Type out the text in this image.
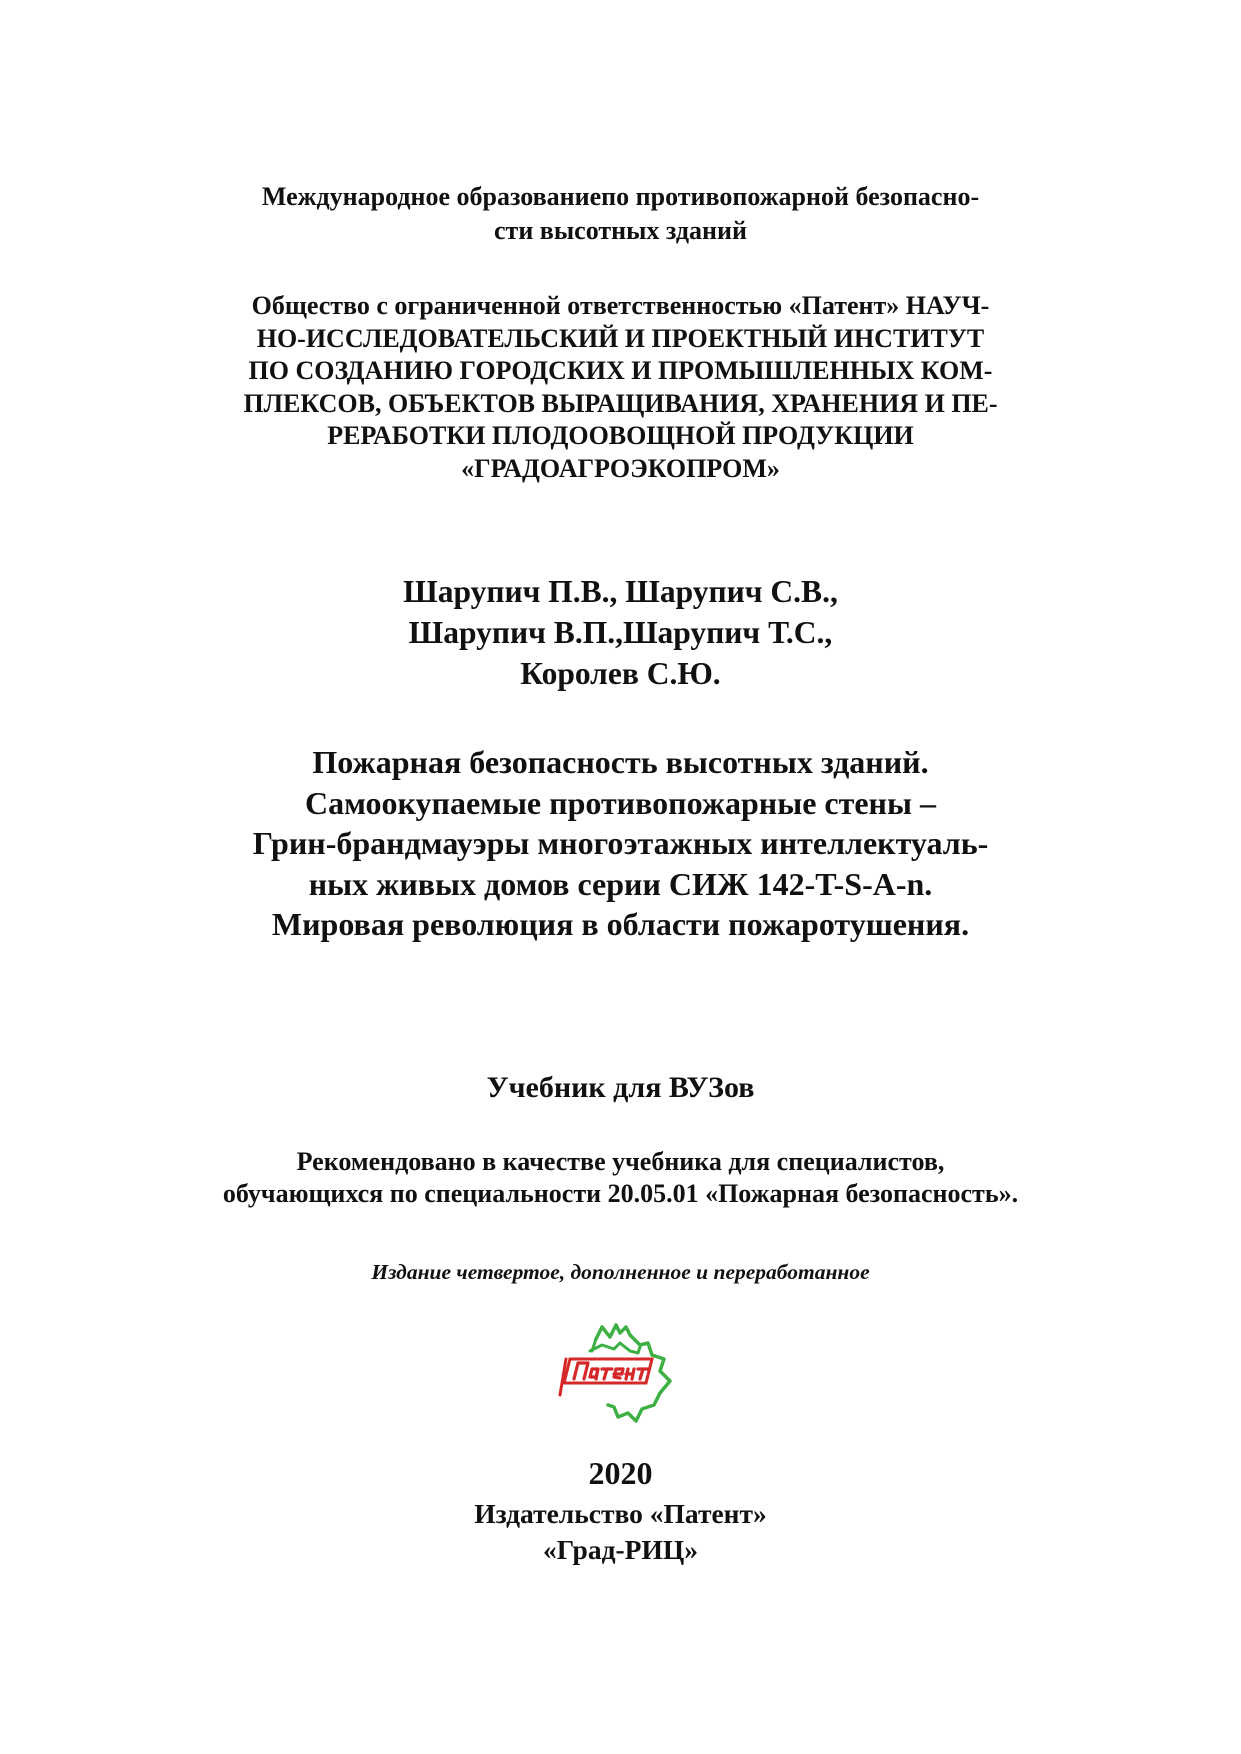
Международное образованиепо противопожарной безопасно-
сти высотных зданий
Общество с ограниченной ответственностью «Патент» НАУЧ-
НО-ИССЛЕДОВАТЕЛЬСКИЙ И ПРОЕКТНЫЙ ИНСТИТУТ
ПО СОЗДАНИЮ ГОРОДСКИХ И ПРОМЫШЛЕННЫХ КОМ-
ПЛЕКСОВ, ОБЪЕКТОВ ВЫРАЩИВАНИЯ, ХРАНЕНИЯ И ПЕ-
РЕРАБОТКИ ПЛОДООВОЩНОЙ ПРОДУКЦИИ
«ГРАДОАГРОЭКОПРОМ»
Шарупич П.В., Шарупич С.В.,
Шарупич В.П.,Шарупич Т.С.,
Королев С.Ю.
Пожарная безопасность высотных зданий.
Самоокупаемые противопожарные стены –
Грин-брандмауэры многоэтажных интеллектуаль-
ных живых домов серии СИЖ 142-T-S-A-n.
Мировая революция в области пожаротушения.
Учебник для ВУЗов
Рекомендовано в качестве учебника для специалистов,
обучающихся по специальности 20.05.01 «Пожарная безопасность».
Издание четвертое, дополненное и переработанное
2020
Издательство «Патент»
«Град-РИЦ»
